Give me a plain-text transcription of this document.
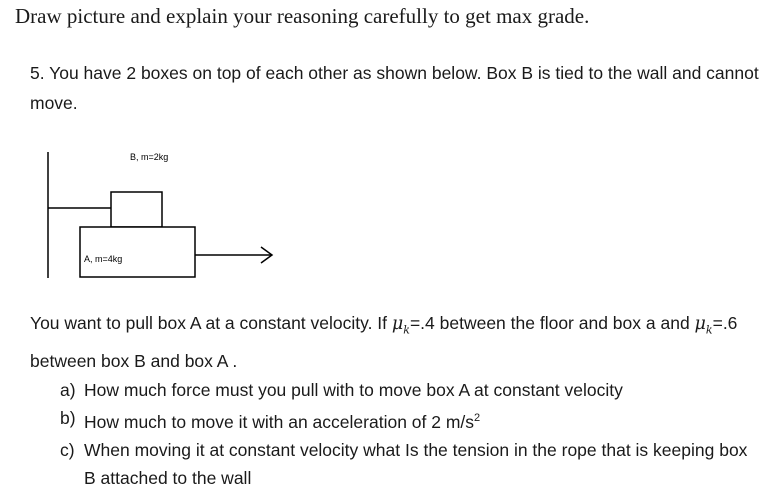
Draw picture and explain your reasoning carefully to get max grade.
5. You have 2 boxes on top of each other as shown below. Box B is tied to the wall and cannot move.
B, m=2kg
A, m=4kg
You want to pull box A at a constant velocity. If $\mu_k=.4$ between the floor and box a and $\mu_k=.6$ between box B and box A .
a) How much force must you pull with to move box A at constant velocity
b) How much to move it with an acceleration of 2 $m/s^2$
c) When moving it at constant velocity what Is the tension in the rope that is keeping box B attached to the wall
